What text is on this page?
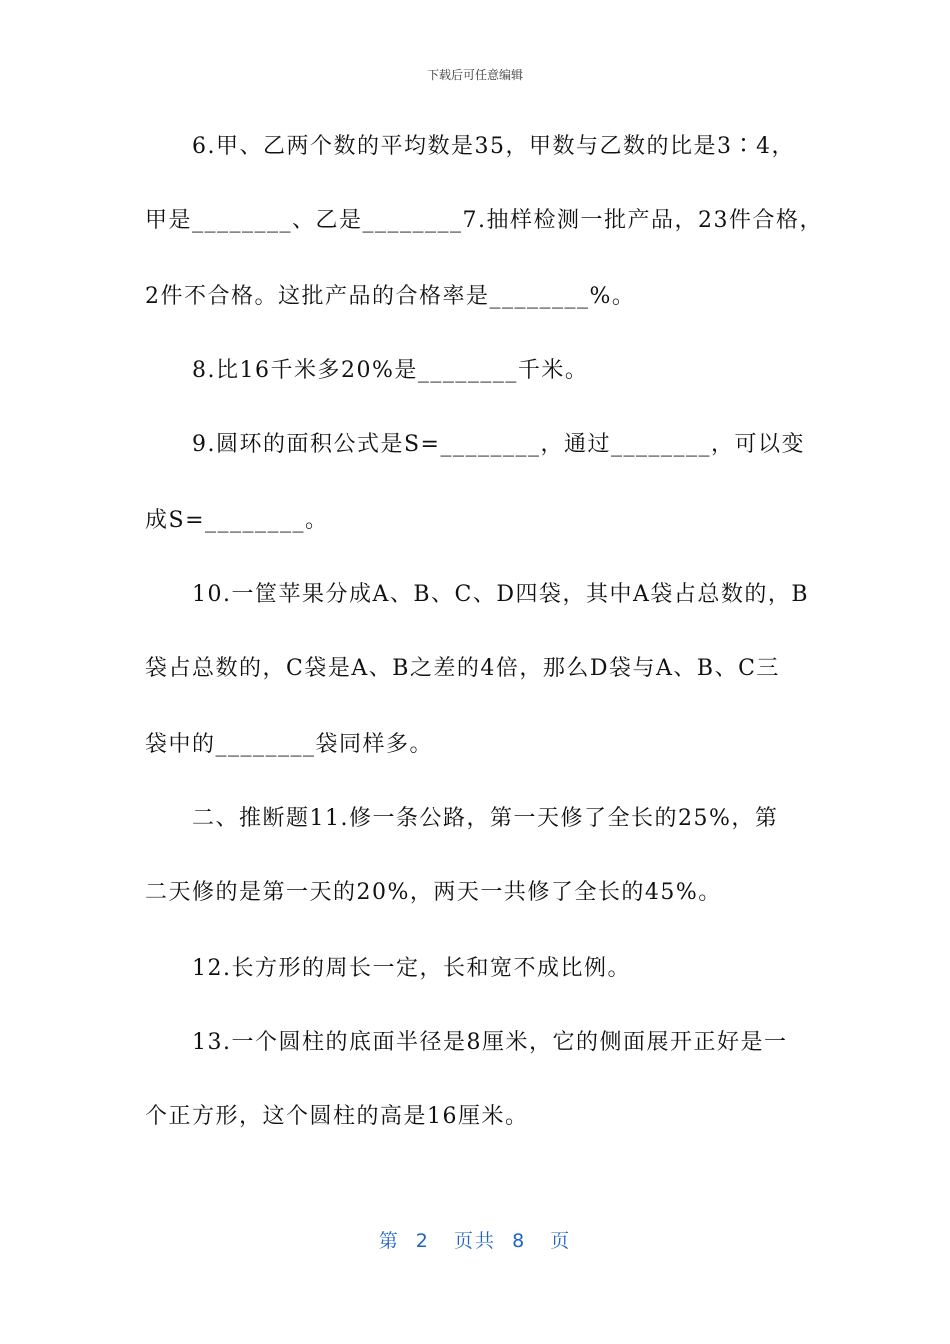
下载后可任意编辑
6.甲、乙两个数的平均数是35，甲数与乙数的比是3∶4，
甲是________、乙是________7.抽样检测一批产品，23件合格，
2件不合格。这批产品的合格率是________%。
8.比16千米多20%是________千米。
9.圆环的面积公式是S=________，通过________，可以变
成S=________。
10.一筐苹果分成A、B、C、D四袋，其中A袋占总数的，B
袋占总数的，C袋是A、B之差的4倍，那么D袋与A、B、C三
袋中的________袋同样多。
二、推断题11.修一条公路，第一天修了全长的25%，第
二天修的是第一天的20%，两天一共修了全长的45%。
12.长方形的周长一定，长和宽不成比例。
13.一个圆柱的底面半径是8厘米，它的侧面展开正好是一
个正方形，这个圆柱的高是16厘米。
第  2   页共  8   页
